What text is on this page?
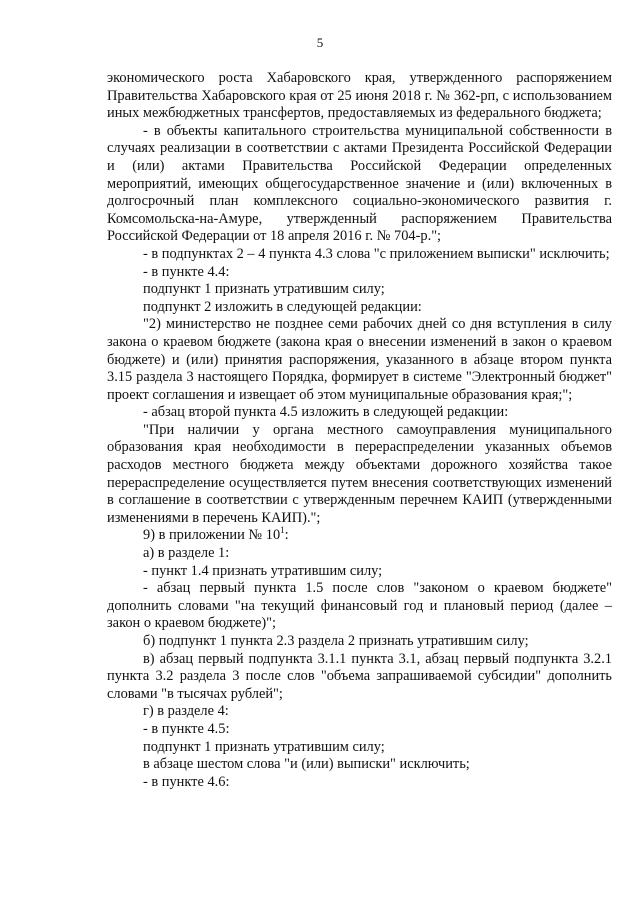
5

экономического роста Хабаровского края, утвержденного распоряжением Правительства Хабаровского края от 25 июня 2018 г. № 362-рп, с использованием иных межбюджетных трансфертов, предоставляемых из федерального бюджета;

- в объекты капитального строительства муниципальной собственности в случаях реализации в соответствии с актами Президента Российской Федерации и (или) актами Правительства Российской Федерации определенных мероприятий, имеющих общегосударственное значение и (или) включенных в долгосрочный план комплексного социально-экономического развития г. Комсомольска-на-Амуре, утвержденный распоряжением Правительства Российской Федерации от 18 апреля 2016 г. № 704-р.";

- в подпунктах 2 – 4 пункта 4.3 слова "с приложением выписки" исключить;

- в пункте 4.4:

подпункт 1 признать утратившим силу;

подпункт 2 изложить в следующей редакции:

"2) министерство не позднее семи рабочих дней со дня вступления в силу закона о краевом бюджете (закона края о внесении изменений в закон о краевом бюджете) и (или) принятия распоряжения, указанного в абзаце втором пункта 3.15 раздела 3 настоящего Порядка, формирует в системе "Электронный бюджет" проект соглашения и извещает об этом муниципальные образования края;";

- абзац второй пункта 4.5 изложить в следующей редакции:

"При наличии у органа местного самоуправления муниципального образования края необходимости в перераспределении указанных объемов расходов местного бюджета между объектами дорожного хозяйства такое перераспределение осуществляется путем внесения соответствующих изменений в соглашение в соответствии с утвержденным перечнем КАИП (утвержденными изменениями в перечень КАИП).";

9) в приложении № $10^1$:

а) в разделе 1:

- пункт 1.4 признать утратившим силу;

- абзац первый пункта 1.5 после слов "законом о краевом бюджете" дополнить словами "на текущий финансовый год и плановый период (далее – закон о краевом бюджете)";

б) подпункт 1 пункта 2.3 раздела 2 признать утратившим силу;

в) абзац первый подпункта 3.1.1 пункта 3.1, абзац первый подпункта 3.2.1 пункта 3.2 раздела 3 после слов "объема запрашиваемой субсидии" дополнить словами "в тысячах рублей";

г) в разделе 4:

- в пункте 4.5:

подпункт 1 признать утратившим силу;

в абзаце шестом слова "и (или) выписки" исключить;

- в пункте 4.6:
